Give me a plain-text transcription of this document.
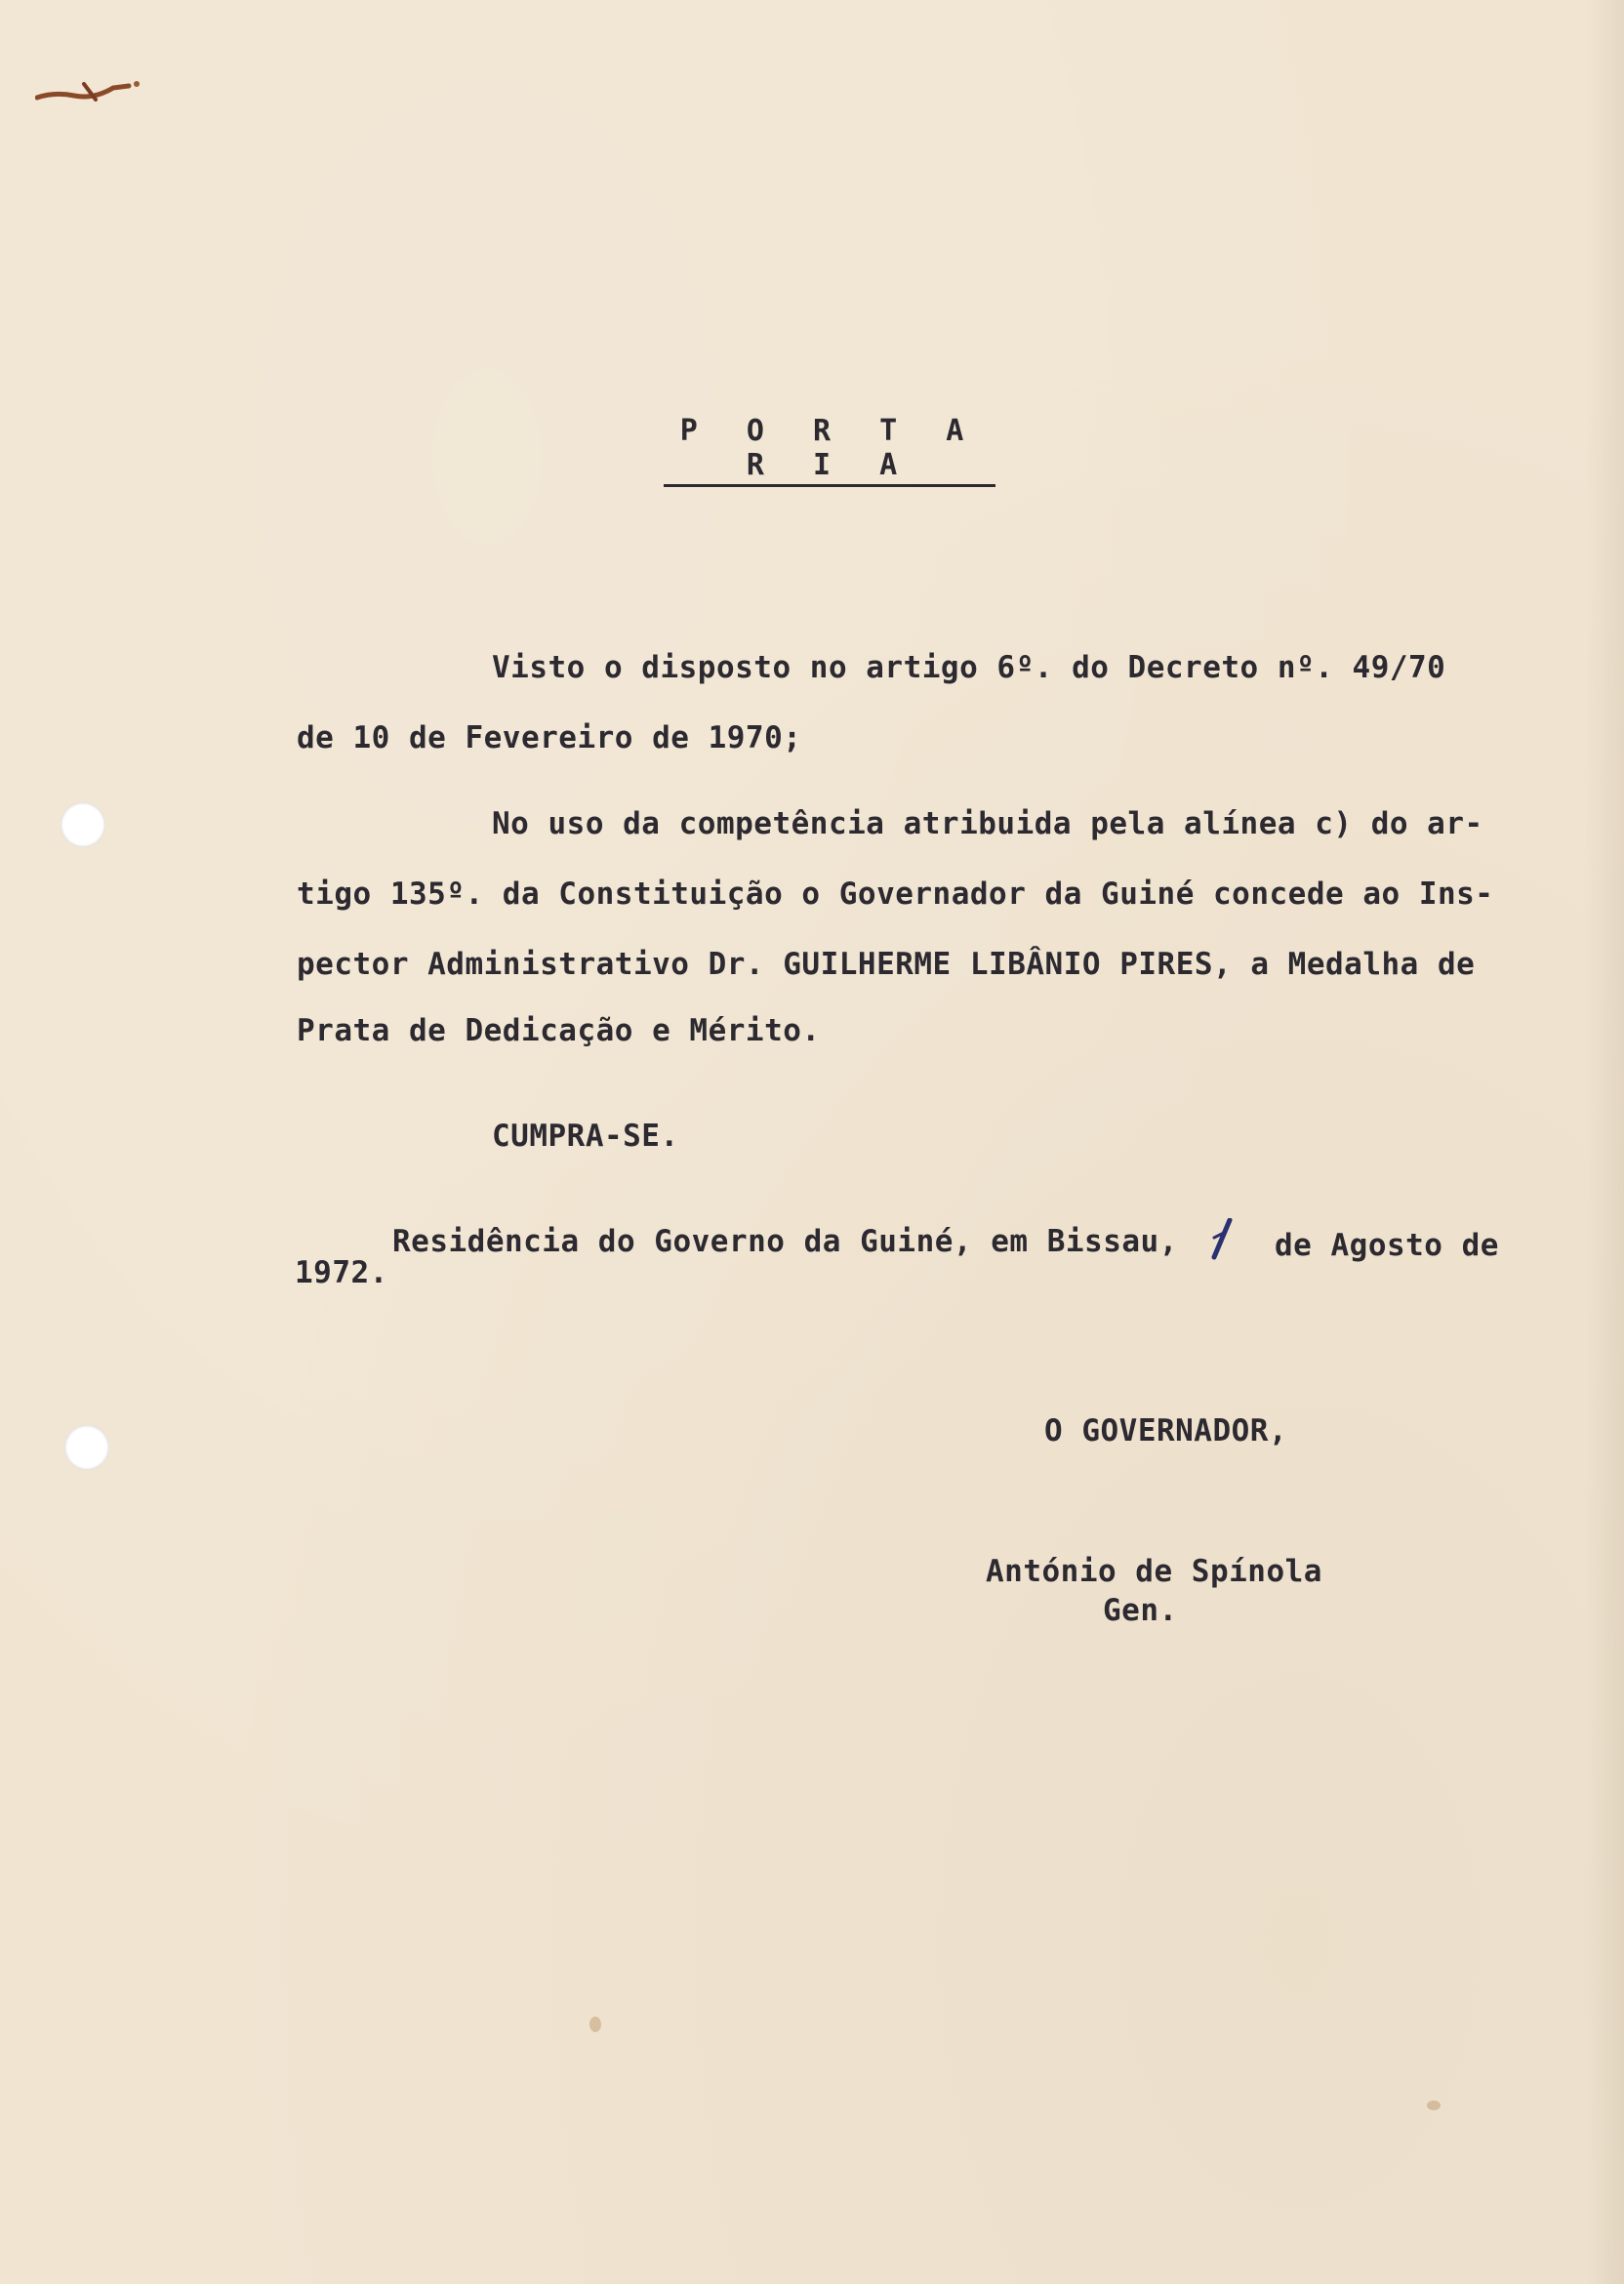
P O R T A R I A
Visto o disposto no artigo 6º. do Decreto nº. 49/70
de 10 de Fevereiro de 1970;
No uso da competência atribuida pela alínea c) do ar-
tigo 135º. da Constituição o Governador da Guiné concede ao Ins-
pector Administrativo Dr. GUILHERME LIBÂNIO PIRES, a Medalha de
Prata de Dedicação e Mérito.
CUMPRA-SE.
Residência do Governo da Guiné, em Bissau,	de Agosto de
1972.
O GOVERNADOR,
António de Spínola
Gen.
